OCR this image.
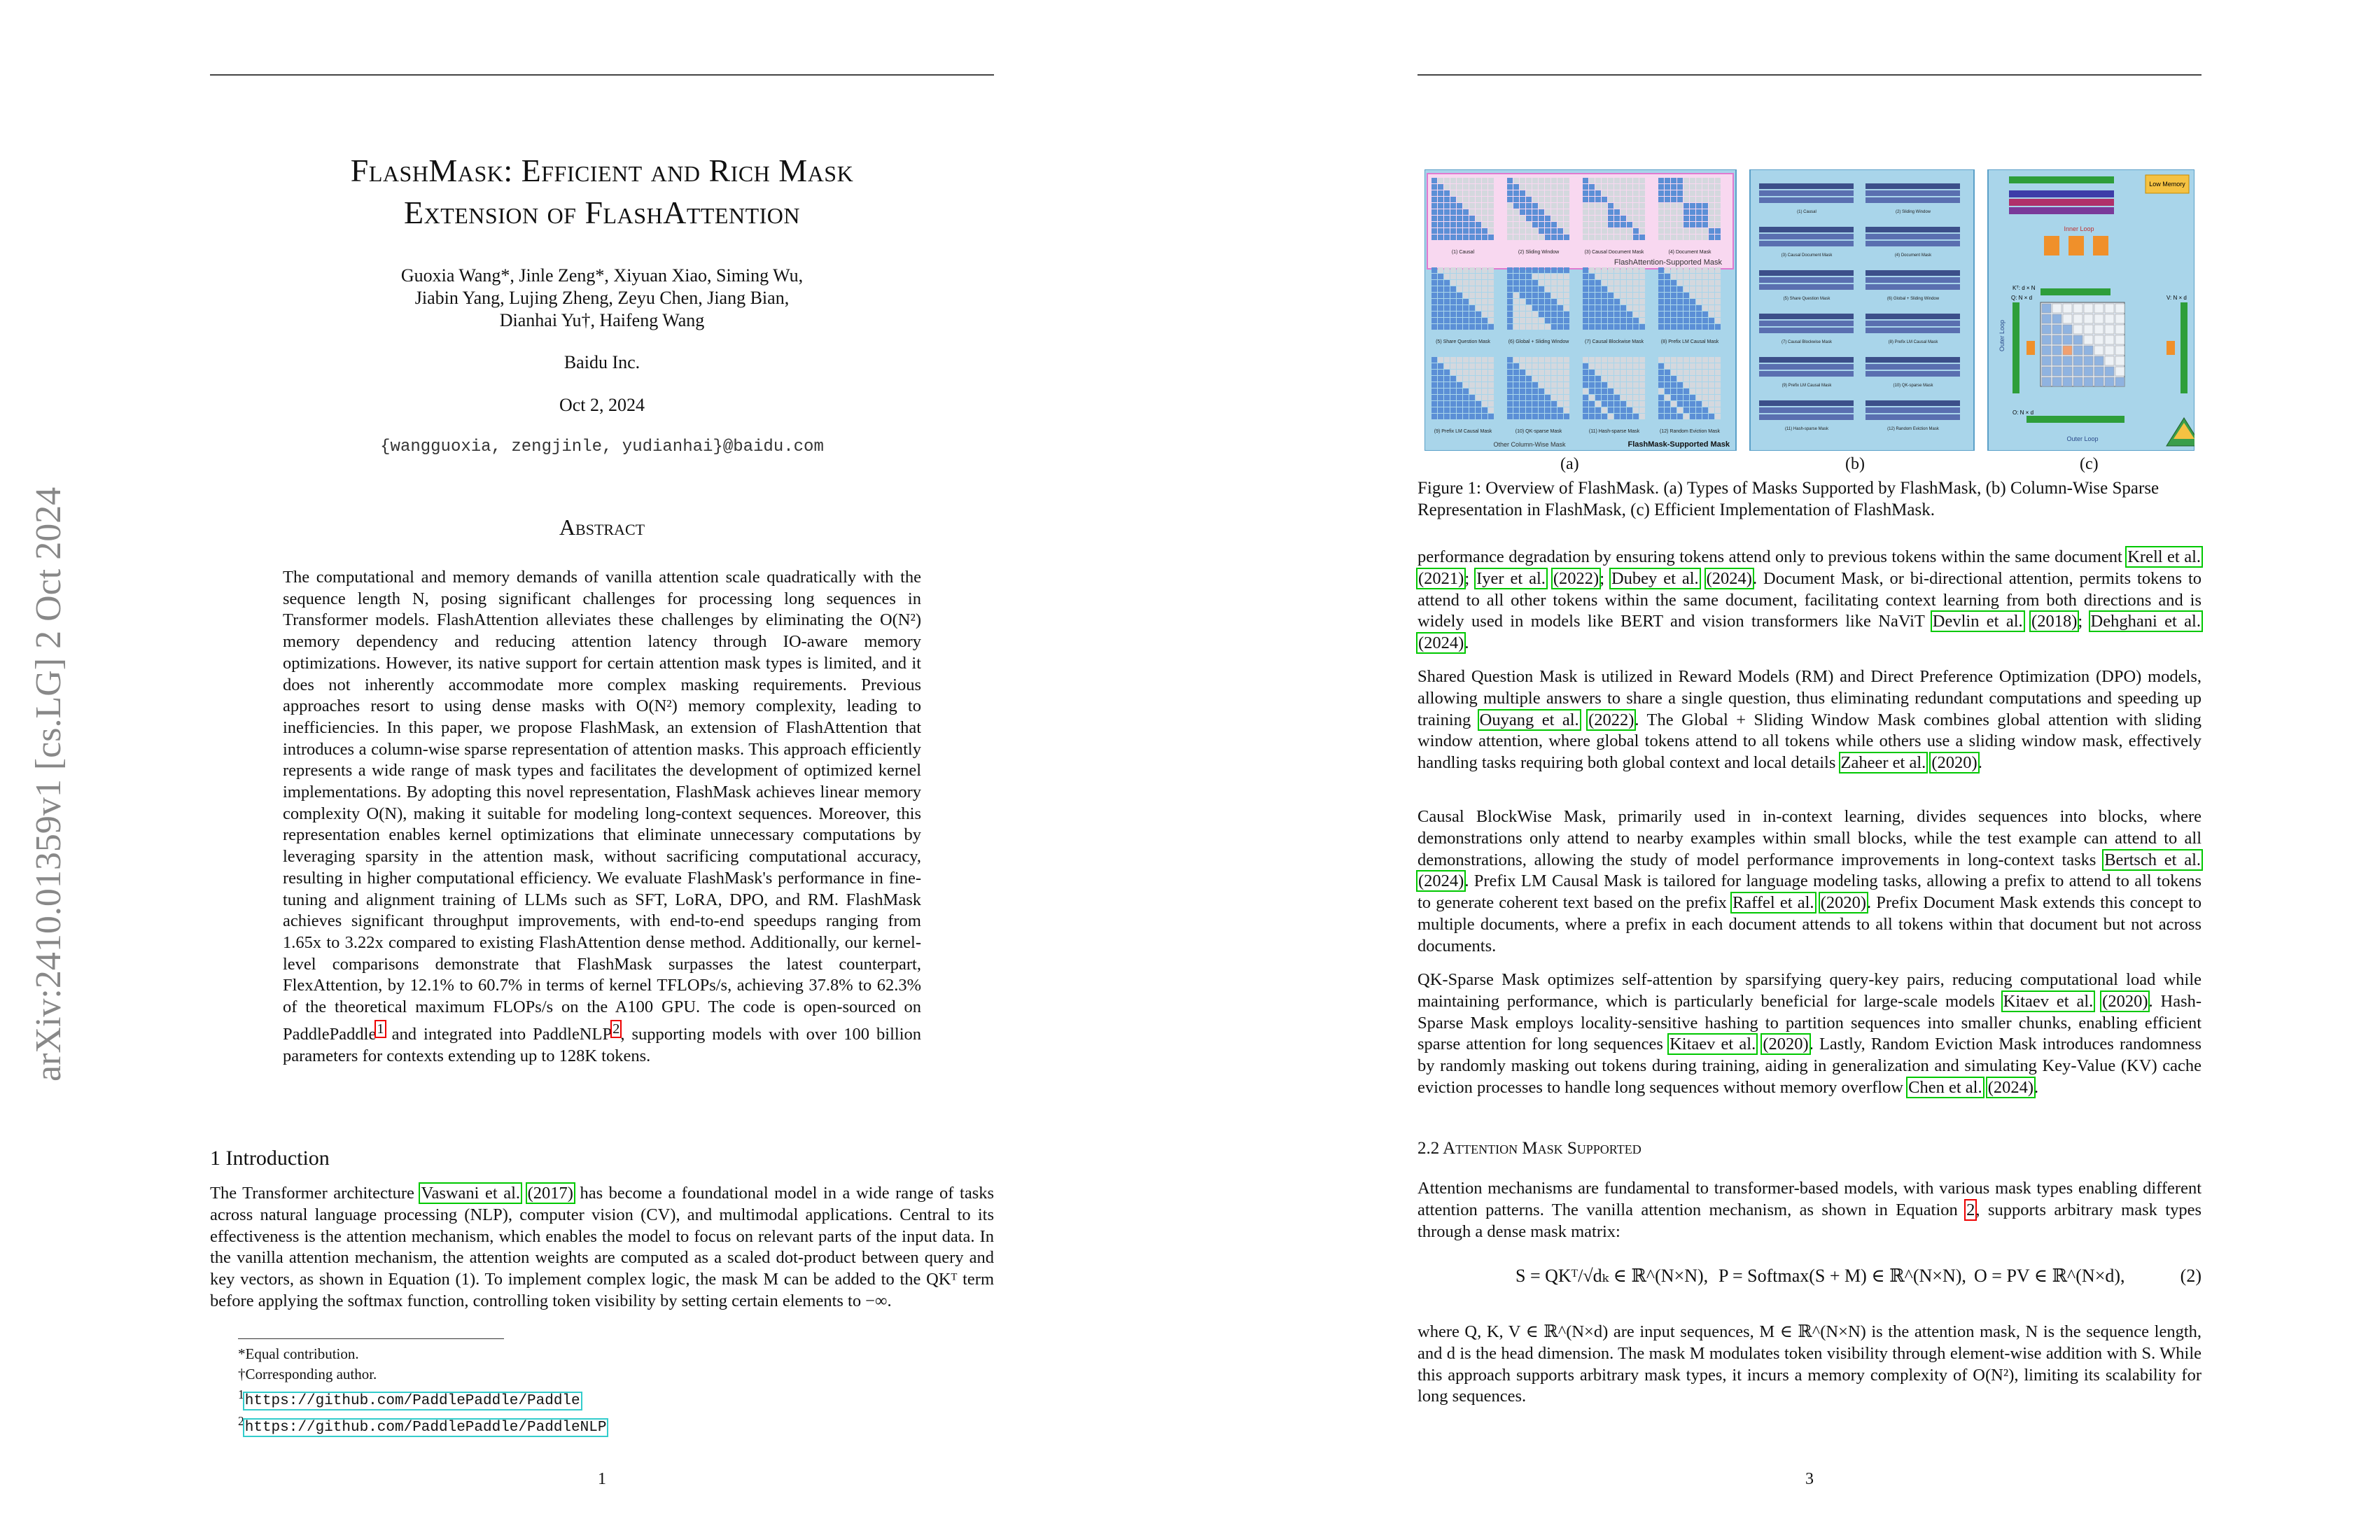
arXiv:2410.01359v1 [cs.LG] 2 Oct 2024
FlashMask: Efficient and Rich Mask
Extension of FlashAttention
Guoxia Wang*, Jinle Zeng*, Xiyuan Xiao, Siming Wu,
Jiabin Yang, Lujing Zheng, Zeyu Chen, Jiang Bian,
Dianhai Yu†, Haifeng Wang
Baidu Inc.
Oct 2, 2024
{wangguoxia, zengjinle, yudianhai}@baidu.com
Abstract
The computational and memory demands of vanilla attention scale quadratically with the sequence length N, posing significant challenges for processing long sequences in Transformer models. FlashAttention alleviates these challenges by eliminating the O(N²) memory dependency and reducing attention latency through IO-aware memory optimizations. However, its native support for certain attention mask types is limited, and it does not inherently accommodate more complex masking requirements. Previous approaches resort to using dense masks with O(N²) memory complexity, leading to inefficiencies. In this paper, we propose FlashMask, an extension of FlashAttention that introduces a column-wise sparse representation of attention masks. This approach efficiently represents a wide range of mask types and facilitates the development of optimized kernel implementations. By adopting this novel representation, FlashMask achieves linear memory complexity O(N), making it suitable for modeling long-context sequences. Moreover, this representation enables kernel optimizations that eliminate unnecessary computations by leveraging sparsity in the attention mask, without sacrificing computational accuracy, resulting in higher computational efficiency. We evaluate FlashMask's performance in fine-tuning and alignment training of LLMs such as SFT, LoRA, DPO, and RM. FlashMask achieves significant throughput improvements, with end-to-end speedups ranging from 1.65x to 3.22x compared to existing FlashAttention dense method. Additionally, our kernel-level comparisons demonstrate that FlashMask surpasses the latest counterpart, FlexAttention, by 12.1% to 60.7% in terms of kernel TFLOPs/s, achieving 37.8% to 62.3% of the theoretical maximum FLOPs/s on the A100 GPU. The code is open-sourced on PaddlePaddle$^1$ and integrated into PaddleNLP$^2$, supporting models with over 100 billion parameters for contexts extending up to 128K tokens.
1 Introduction
The Transformer architecture Vaswani et al. (2017) has become a foundational model in a wide range of tasks across natural language processing (NLP), computer vision (CV), and multimodal applications. Central to its effectiveness is the attention mechanism, which enables the model to focus on relevant parts of the input data. In the vanilla attention mechanism, the attention weights are computed as a scaled dot-product between query and key vectors, as shown in Equation (1). To implement complex logic, the mask M can be added to the QKᵀ term before applying the softmax function, controlling token visibility by setting certain elements to −∞.
*Equal contribution.
†Corresponding author.
$^1$https://github.com/PaddlePaddle/Paddle
$^2$https://github.com/PaddlePaddle/PaddleNLP
1
(1) Causal	(2) Sliding Window	(3) Causal Document Mask	(4) Document Mask
(5) Share Question Mask	(6) Global + Sliding Window	(7) Causal Blockwise Mask	(8) Prefix LM Causal Mask
(9) Prefix LM Causal Mask	(10) QK-sparse Mask	(11) Hash-sparse Mask	(12) Random Eviction Mask
FlashAttention-Supported Mask
FlashMask-Supported Mask
Other Column-Wise Mask
(1) Causal	(2) Sliding Window
(3) Causal Document Mask	(4) Document Mask
(5) Share Question Mask	(6) Global + Sliding Window
(7) Causal Blockwise Mask	(8) Prefix LM Causal Mask
(9) Prefix LM Causal Mask	(10) QK-sparse Mask
(11) Hash-sparse Mask	(12) Random Eviction Mask
Low Memory
Inner Loop
Kᵀ: d × N
Q: N × d	V: N × d
O: N × d
Outer Loop
Outer Loop
(a)	(b)	(c)
Figure 1: Overview of FlashMask. (a) Types of Masks Supported by FlashMask, (b) Column-Wise Sparse Representation in FlashMask, (c) Efficient Implementation of FlashMask.
performance degradation by ensuring tokens attend only to previous tokens within the same document Krell et al. (2021); Iyer et al. (2022); Dubey et al. (2024). Document Mask, or bi-directional attention, permits tokens to attend to all other tokens within the same document, facilitating context learning from both directions and is widely used in models like BERT and vision transformers like NaViT Devlin et al. (2018); Dehghani et al. (2024).
Shared Question Mask is utilized in Reward Models (RM) and Direct Preference Optimization (DPO) models, allowing multiple answers to share a single question, thus eliminating redundant computations and speeding up training Ouyang et al. (2022). The Global + Sliding Window Mask combines global attention with sliding window attention, where global tokens attend to all tokens while others use a sliding window mask, effectively handling tasks requiring both global context and local details Zaheer et al. (2020).
Causal BlockWise Mask, primarily used in in-context learning, divides sequences into blocks, where demonstrations only attend to nearby examples within small blocks, while the test example can attend to all demonstrations, allowing the study of model performance improvements in long-context tasks Bertsch et al. (2024). Prefix LM Causal Mask is tailored for language modeling tasks, allowing a prefix to attend to all tokens to generate coherent text based on the prefix Raffel et al. (2020). Prefix Document Mask extends this concept to multiple documents, where a prefix in each document attends to all tokens within that document but not across documents.
QK-Sparse Mask optimizes self-attention by sparsifying query-key pairs, reducing computational load while maintaining performance, which is particularly beneficial for large-scale models Kitaev et al. (2020). Hash-Sparse Mask employs locality-sensitive hashing to partition sequences into smaller chunks, enabling efficient sparse attention for long sequences Kitaev et al. (2020). Lastly, Random Eviction Mask introduces randomness by randomly masking out tokens during training, aiding in generalization and simulating Key-Value (KV) cache eviction processes to handle long sequences without memory overflow Chen et al. (2024).
2.2 Attention Mask Supported
Attention mechanisms are fundamental to transformer-based models, with various mask types enabling different attention patterns. The vanilla attention mechanism, as shown in Equation 2, supports arbitrary mask types through a dense mask matrix:
S = QKᵀ/√dₖ ∈ ℝ^(N×N), P = Softmax(S + M) ∈ ℝ^(N×N), O = PV ∈ ℝ^(N×d),	(2)
where Q, K, V ∈ ℝ^(N×d) are input sequences, M ∈ ℝ^(N×N) is the attention mask, N is the sequence length, and d is the head dimension. The mask M modulates token visibility through element-wise addition with S. While this approach supports arbitrary mask types, it incurs a memory complexity of O(N²), limiting its scalability for long sequences.
3
